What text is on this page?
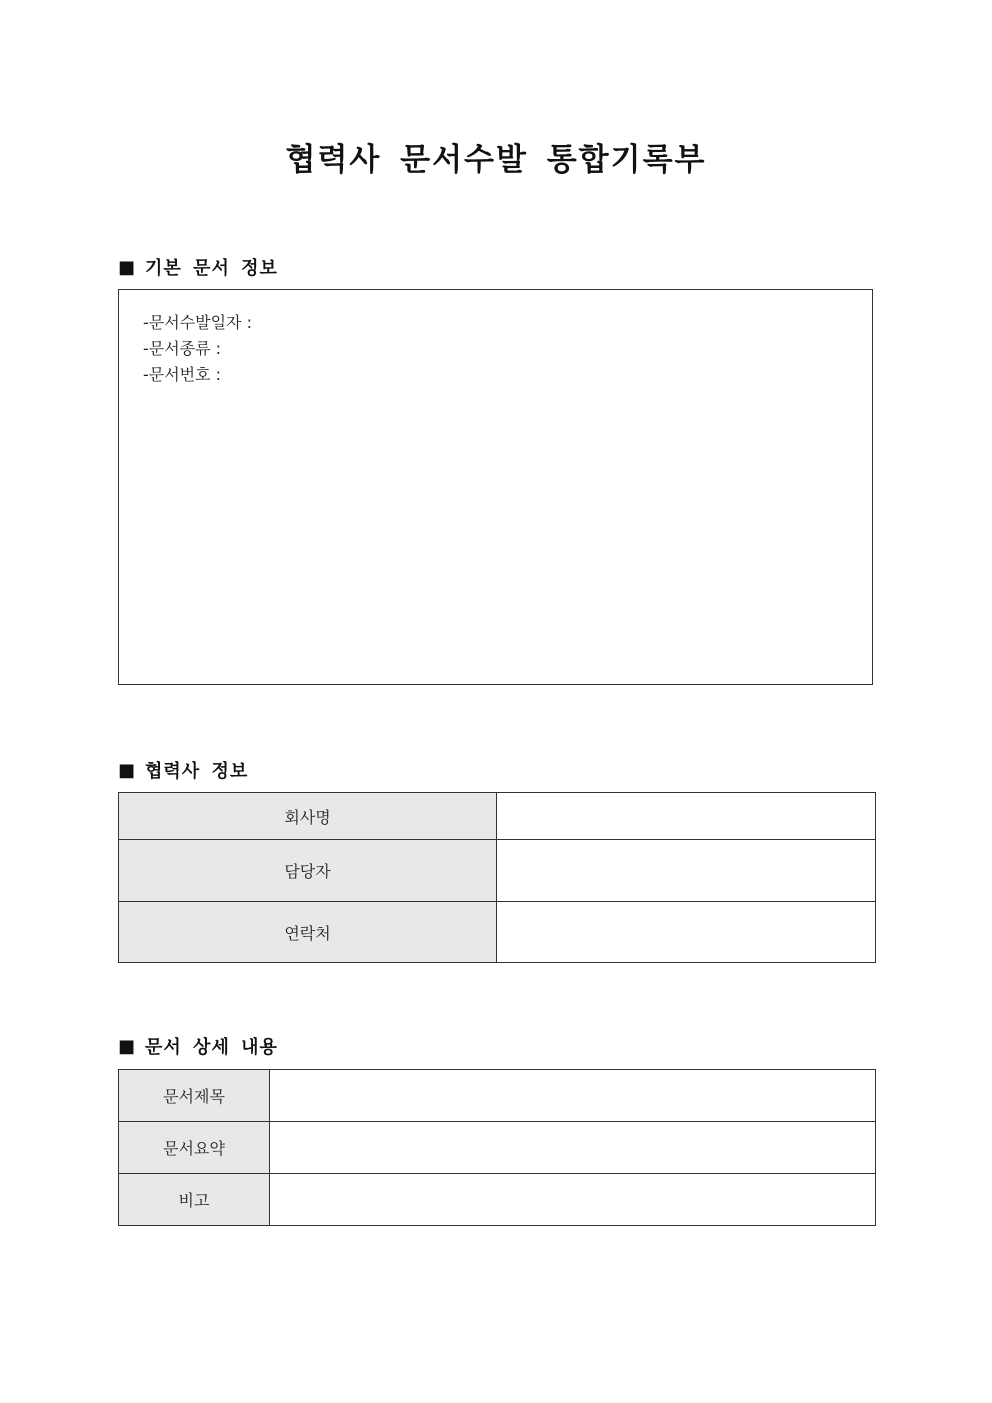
협력사 문서수발 통합기록부
■ 기본 문서 정보
-문서수발일자 :
-문서종류 :
-문서번호 :
■ 협력사 정보
회사명	
담당자	
연락처	
■ 문서 상세 내용
문서제목	
문서요약	
비고	
